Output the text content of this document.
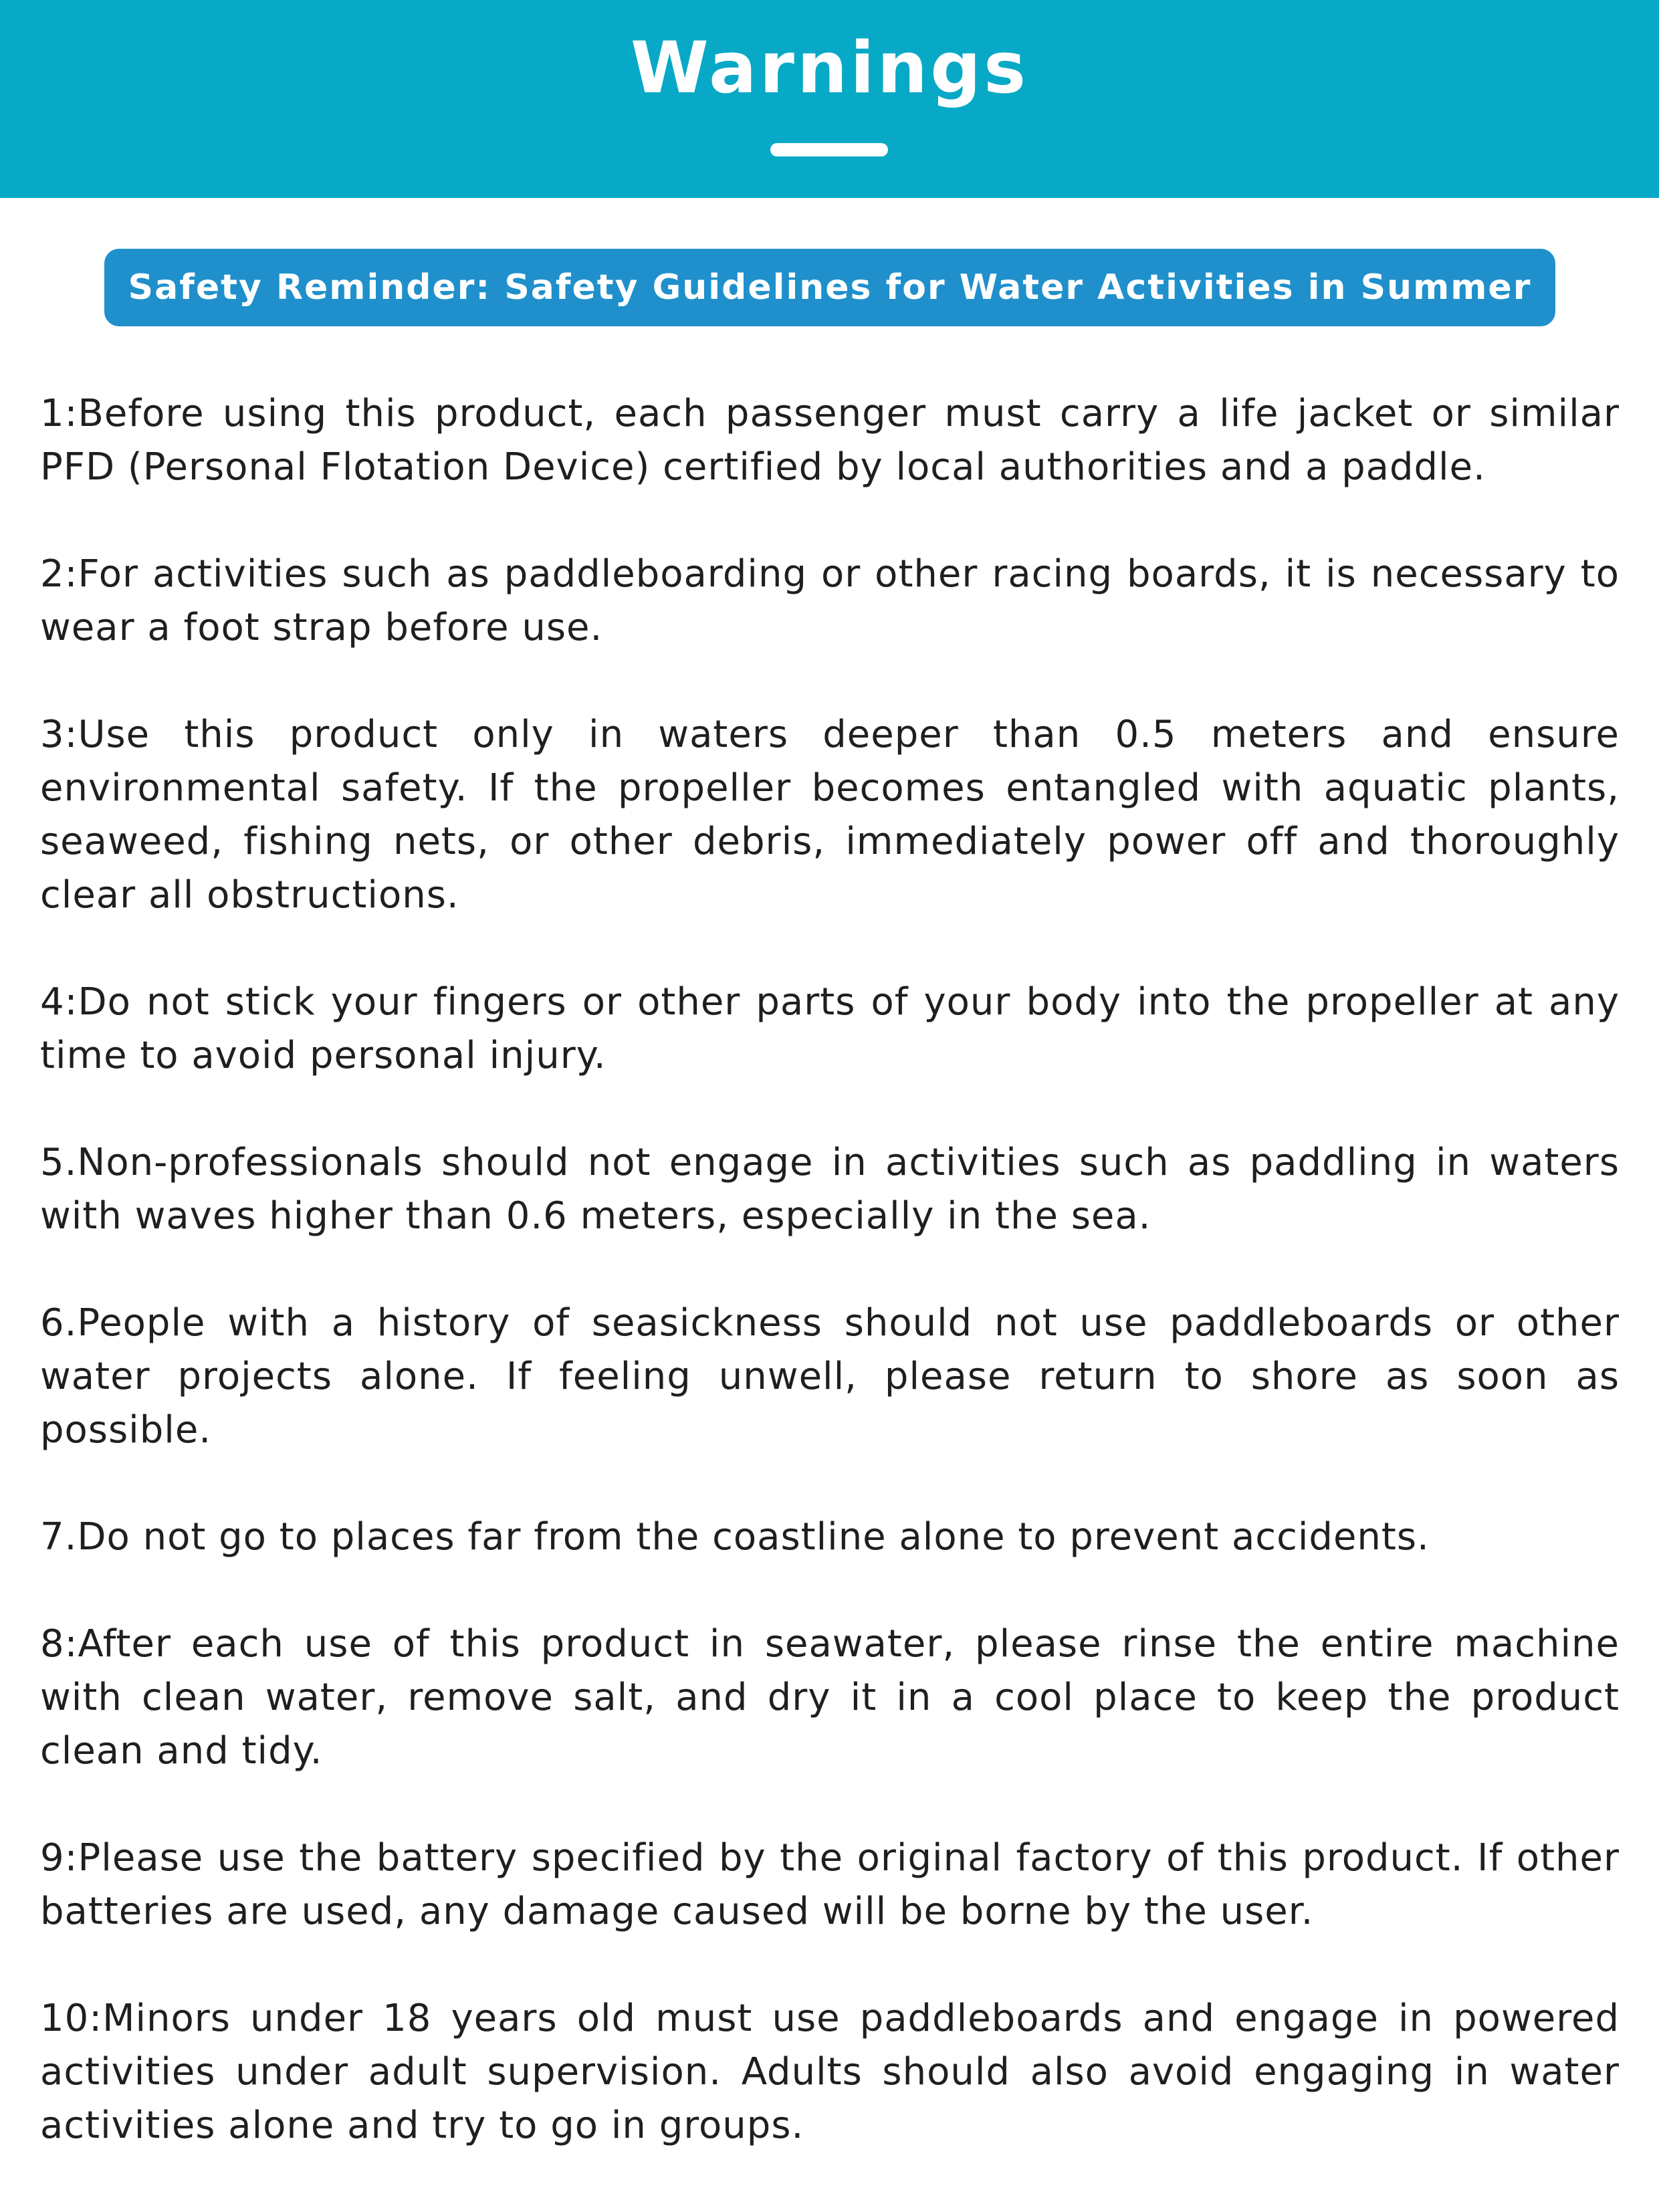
Warnings
Safety Reminder: Safety Guidelines for Water Activities in Summer

1:Before using this product, each passenger must carry a life jacket or similar PFD (Personal Flotation Device) certified by local authorities and a paddle.

2:For activities such as paddleboarding or other racing boards, it is necessary to wear a foot strap before use.

3:Use this product only in waters deeper than 0.5 meters and ensure environmental safety. If the propeller becomes entangled with aquatic plants, seaweed, fishing nets, or other debris, immediately power off and thoroughly clear all obstructions.

4:Do not stick your fingers or other parts of your body into the propeller at any time to avoid personal injury.

5.Non-professionals should not engage in activities such as paddling in waters with waves higher than 0.6 meters, especially in the sea.

6.People with a history of seasickness should not use paddleboards or other water projects alone. If feeling unwell, please return to shore as soon as possible.

7.Do not go to places far from the coastline alone to prevent accidents.

8:After each use of this product in seawater, please rinse the entire machine with clean water, remove salt, and dry it in a cool place to keep the product clean and tidy.

9:Please use the battery specified by the original factory of this product. If other batteries are used, any damage caused will be borne by the user.

10:Minors under 18 years old must use paddleboards and engage in powered activities under adult supervision. Adults should also avoid engaging in water activities alone and try to go in groups.
